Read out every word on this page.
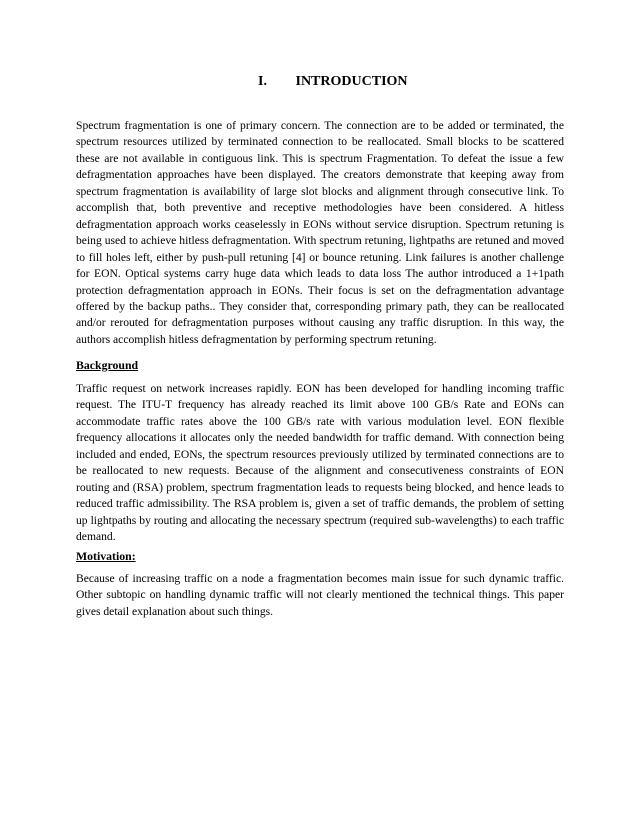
I. INTRODUCTION

Spectrum fragmentation is one of primary concern. The connection are to be added or terminated, the spectrum resources utilized by terminated connection to be reallocated. Small blocks to be scattered these are not available in contiguous link. This is spectrum Fragmentation. To defeat the issue a few defragmentation approaches have been displayed. The creators demonstrate that keeping away from spectrum fragmentation is availability of large slot blocks and alignment through consecutive link. To accomplish that, both preventive and receptive methodologies have been considered. A hitless defragmentation approach works ceaselessly in EONs without service disruption. Spectrum retuning is being used to achieve hitless defragmentation. With spectrum retuning, lightpaths are retuned and moved to fill holes left, either by push-pull retuning [4] or bounce retuning. Link failures is another challenge for EON. Optical systems carry huge data which leads to data loss The author introduced a 1+1path protection defragmentation approach in EONs. Their focus is set on the defragmentation advantage offered by the backup paths.. They consider that, corresponding primary path, they can be reallocated and/or rerouted for defragmentation purposes without causing any traffic disruption. In this way, the authors accomplish hitless defragmentation by performing spectrum retuning.

Background

Traffic request on network increases rapidly. EON has been developed for handling incoming traffic request. The ITU-T frequency has already reached its limit above 100 GB/s Rate and EONs can accommodate traffic rates above the 100 GB/s rate with various modulation level. EON flexible frequency allocations it allocates only the needed bandwidth for traffic demand. With connection being included and ended, EONs, the spectrum resources previously utilized by terminated connections are to be reallocated to new requests. Because of the alignment and consecutiveness constraints of EON routing and (RSA) problem, spectrum fragmentation leads to requests being blocked, and hence leads to reduced traffic admissibility. The RSA problem is, given a set of traffic demands, the problem of setting up lightpaths by routing and allocating the necessary spectrum (required sub-wavelengths) to each traffic demand.

Motivation:

Because of increasing traffic on a node a fragmentation becomes main issue for such dynamic traffic. Other subtopic on handling dynamic traffic will not clearly mentioned the technical things. This paper gives detail explanation about such things.
